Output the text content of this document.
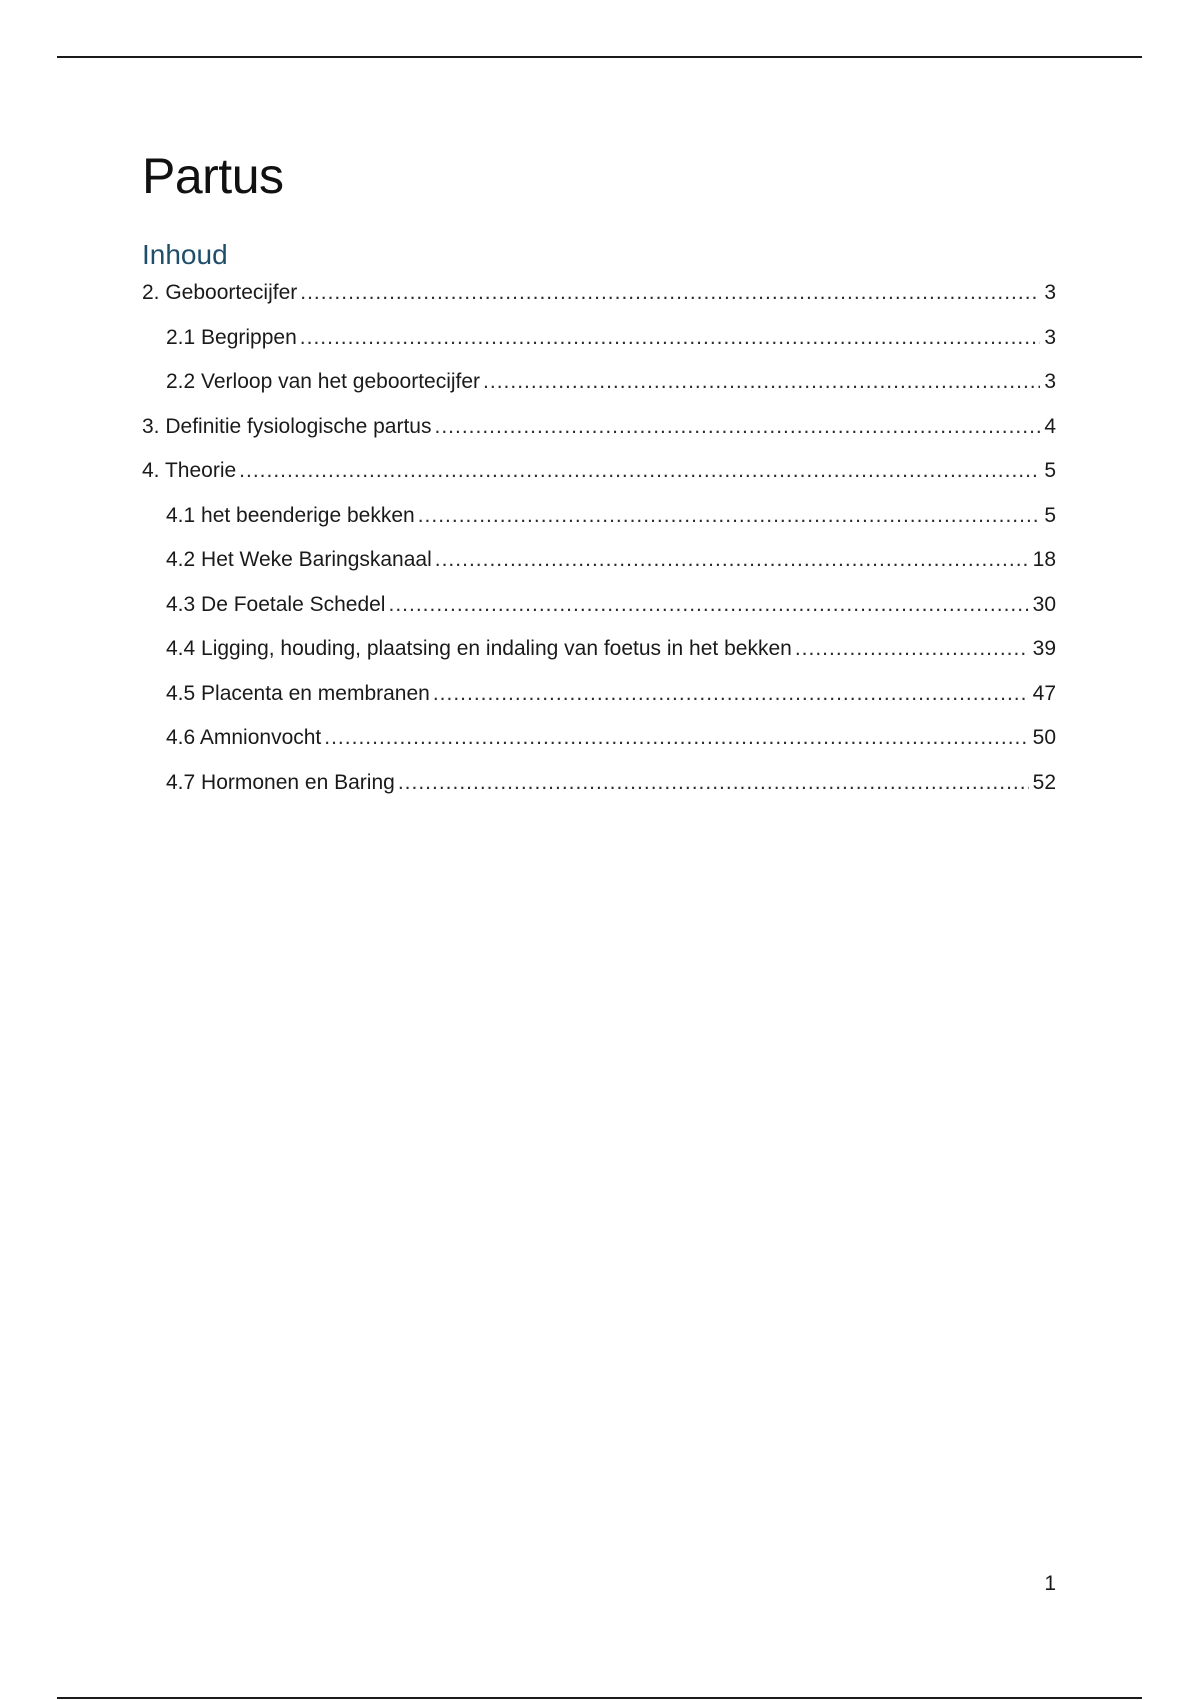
Partus
Inhoud
2. Geboortecijfer .....	3
2.1 Begrippen .....	3
2.2 Verloop van het geboortecijfer .....	3
3. Definitie fysiologische partus .....	4
4. Theorie .....	5
4.1 het beenderige bekken .....	5
4.2 Het Weke Baringskanaal .....	18
4.3 De Foetale Schedel .....	30
4.4 Ligging, houding, plaatsing en indaling van foetus in het bekken .....	39
4.5 Placenta en membranen .....	47
4.6 Amnionvocht .....	50
4.7 Hormonen en Baring .....	52
1
